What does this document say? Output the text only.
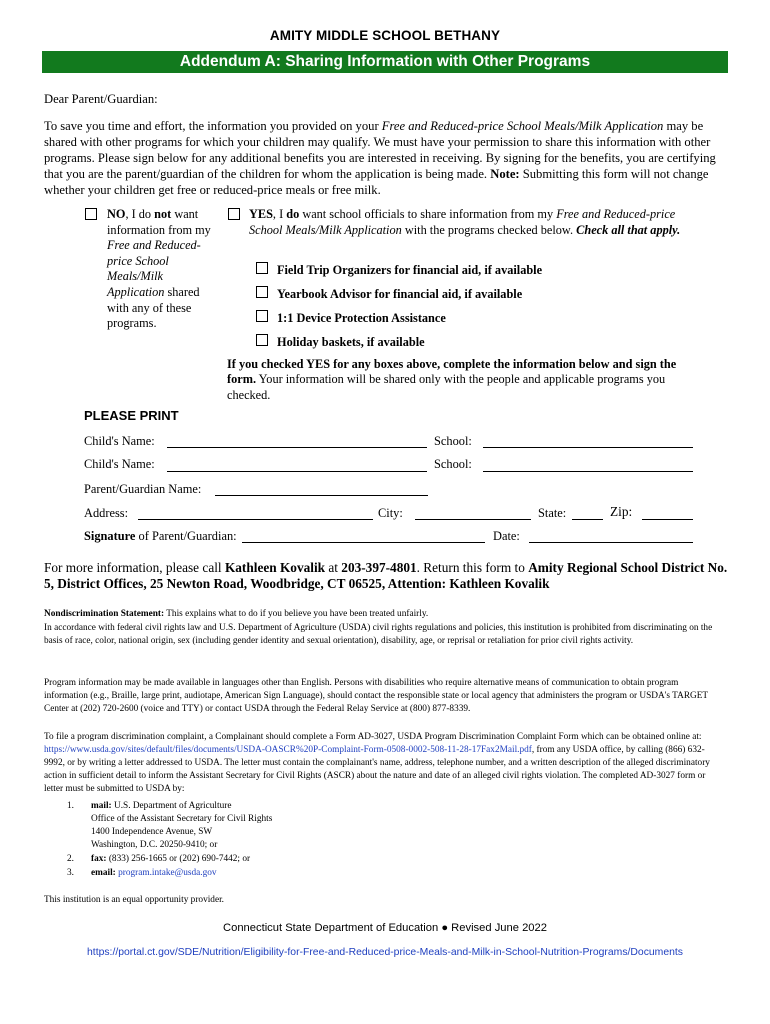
AMITY MIDDLE SCHOOL BETHANY
Addendum A: Sharing Information with Other Programs
Dear Parent/Guardian:
To save you time and effort, the information you provided on your Free and Reduced-price School Meals/Milk Application may be shared with other programs for which your children may qualify. We must have your permission to share this information with other programs. Please sign below for any additional benefits you are interested in receiving. By signing for the benefits, you are certifying that you are the parent/guardian of the children for whom the application is being made. Note: Submitting this form will not change whether your children get free or reduced-price meals or free milk.
NO, I do not want information from my Free and Reduced-price School Meals/Milk Application shared with any of these programs.
YES, I do want school officials to share information from my Free and Reduced-price School Meals/Milk Application with the programs checked below. Check all that apply.
Field Trip Organizers for financial aid, if available
Yearbook Advisor for financial aid, if available
1:1 Device Protection Assistance
Holiday baskets, if available
If you checked YES for any boxes above, complete the information below and sign the form. Your information will be shared only with the people and applicable programs you checked.
PLEASE PRINT
Child's Name:	School:
Child's Name:	School:
Parent/Guardian Name:
Address:	City:	State:	Zip:
Signature of Parent/Guardian:	Date:
For more information, please call Kathleen Kovalik at 203-397-4801. Return this form to Amity Regional School District No. 5, District Offices, 25 Newton Road, Woodbridge, CT 06525, Attention: Kathleen Kovalik
Nondiscrimination Statement: This explains what to do if you believe you have been treated unfairly.
In accordance with federal civil rights law and U.S. Department of Agriculture (USDA) civil rights regulations and policies, this institution is prohibited from discriminating on the basis of race, color, national origin, sex (including gender identity and sexual orientation), disability, age, or reprisal or retaliation for prior civil rights activity.
Program information may be made available in languages other than English. Persons with disabilities who require alternative means of communication to obtain program information (e.g., Braille, large print, audiotape, American Sign Language), should contact the responsible state or local agency that administers the program or USDA's TARGET Center at (202) 720-2600 (voice and TTY) or contact USDA through the Federal Relay Service at (800) 877-8339.
To file a program discrimination complaint, a Complainant should complete a Form AD-3027, USDA Program Discrimination Complaint Form which can be obtained online at: https://www.usda.gov/sites/default/files/documents/USDA-OASCR%20P-Complaint-Form-0508-0002-508-11-28-17Fax2Mail.pdf, from any USDA office, by calling (866) 632-9992, or by writing a letter addressed to USDA. The letter must contain the complainant's name, address, telephone number, and a written description of the alleged discriminatory action in sufficient detail to inform the Assistant Secretary for Civil Rights (ASCR) about the nature and date of an alleged civil rights violation. The completed AD-3027 form or letter must be submitted to USDA by:
1. mail: U.S. Department of Agriculture
Office of the Assistant Secretary for Civil Rights
1400 Independence Avenue, SW
Washington, D.C. 20250-9410; or
2. fax: (833) 256-1665 or (202) 690-7442; or
3. email: program.intake@usda.gov
This institution is an equal opportunity provider.
Connecticut State Department of Education ● Revised June 2022
https://portal.ct.gov/SDE/Nutrition/Eligibility-for-Free-and-Reduced-price-Meals-and-Milk-in-School-Nutrition-Programs/Documents
